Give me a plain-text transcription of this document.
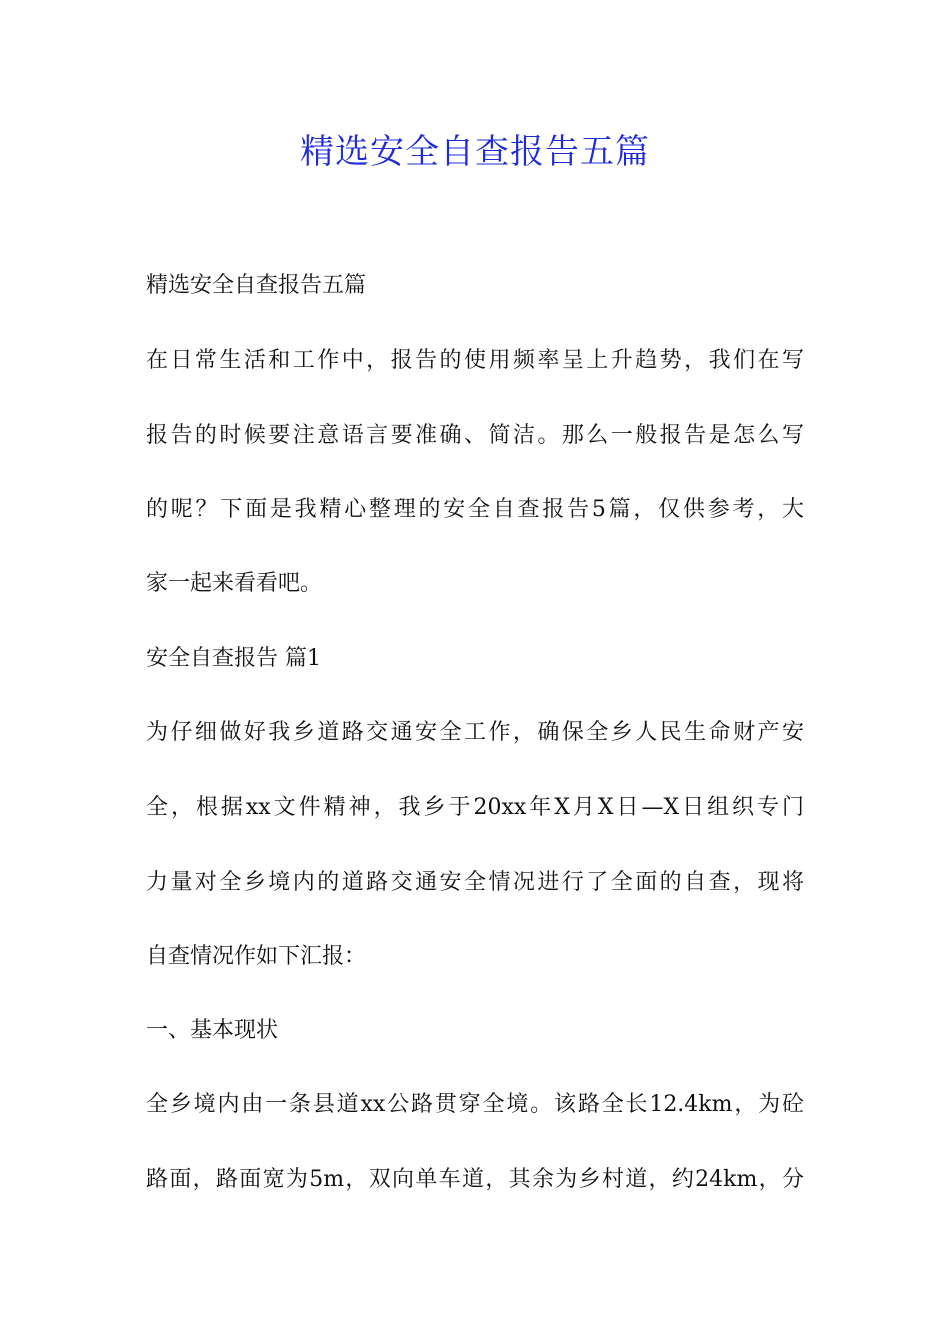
精选安全自查报告五篇
精选安全自查报告五篇
在日常生活和工作中，报告的使用频率呈上升趋势，我们在写
报告的时候要注意语言要准确、简洁。那么一般报告是怎么写
的呢？下面是我精心整理的安全自查报告5篇，仅供参考，大
家一起来看看吧。
安全自查报告 篇1
为仔细做好我乡道路交通安全工作，确保全乡人民生命财产安
全，根据xx文件精神，我乡于20xx年X月X日—X日组织专门
力量对全乡境内的道路交通安全情况进行了全面的自查，现将
自查情况作如下汇报：
一、基本现状
全乡境内由一条县道xx公路贯穿全境。该路全长12.4km，为砼
路面，路面宽为5m，双向单车道，其余为乡村道，约24km，分
